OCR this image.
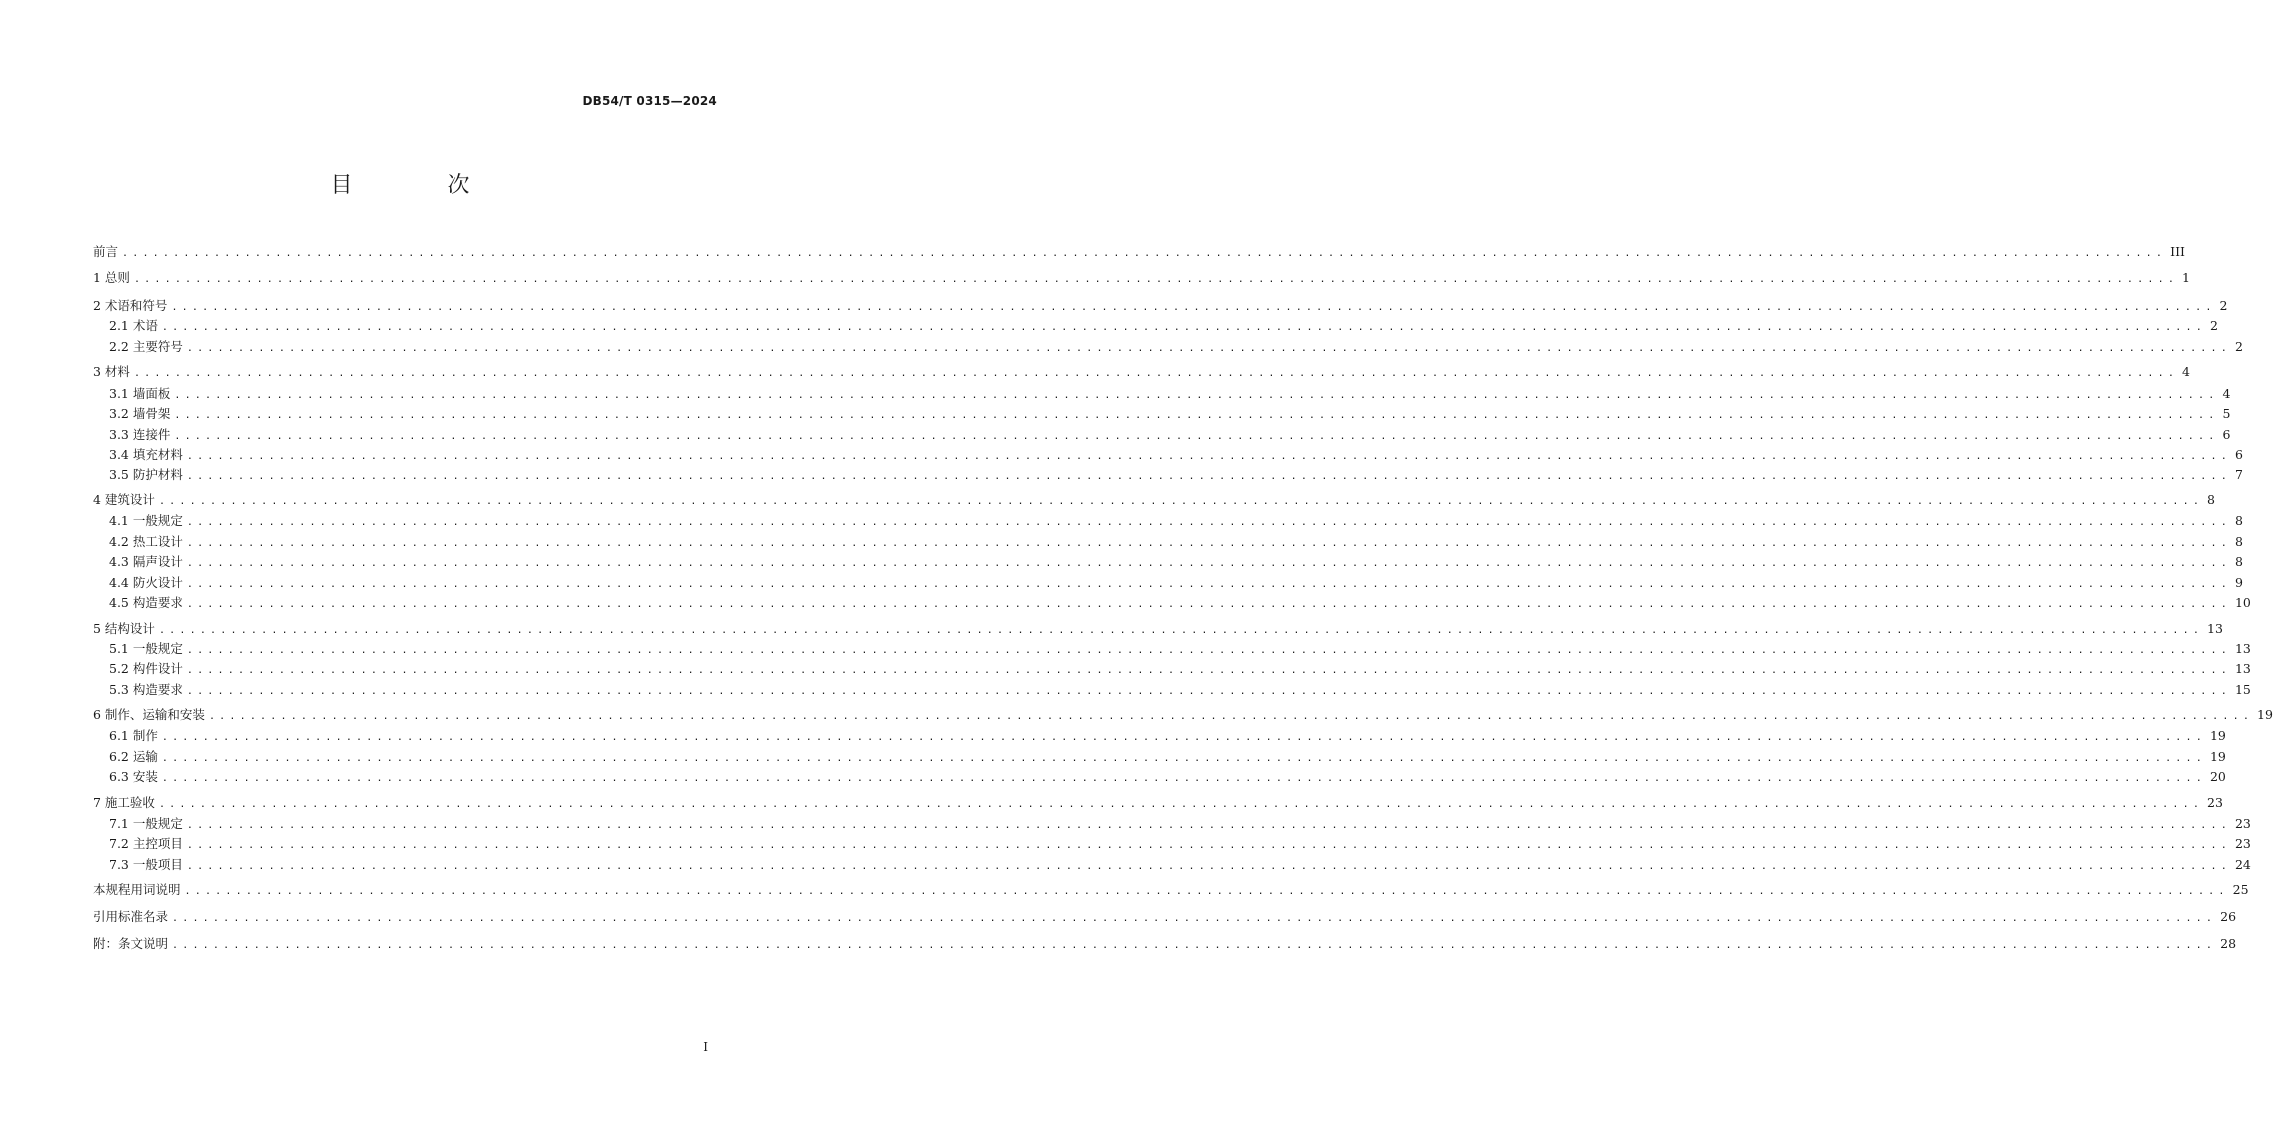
DB54/T 0315—2024
目 次
前言 ........................................................................................................................................................................................................ III
1 总则 ........................................................................................................................................................................................................ 1
2 术语和符号 ........................................................................................................................................................................................................ 2
2.1 术语 ........................................................................................................................................................................................................ 2
2.2 主要符号 ........................................................................................................................................................................................................ 2
3 材料 ........................................................................................................................................................................................................ 4
3.1 墙面板 ........................................................................................................................................................................................................ 4
3.2 墙骨架 ........................................................................................................................................................................................................ 5
3.3 连接件 ........................................................................................................................................................................................................ 6
3.4 填充材料 ........................................................................................................................................................................................................ 6
3.5 防护材料 ........................................................................................................................................................................................................ 7
4 建筑设计 ........................................................................................................................................................................................................ 8
4.1 一般规定 ........................................................................................................................................................................................................ 8
4.2 热工设计 ........................................................................................................................................................................................................ 8
4.3 隔声设计 ........................................................................................................................................................................................................ 8
4.4 防火设计 ........................................................................................................................................................................................................ 9
4.5 构造要求 ........................................................................................................................................................................................................ 10
5 结构设计 ........................................................................................................................................................................................................ 13
5.1 一般规定 ........................................................................................................................................................................................................ 13
5.2 构件设计 ........................................................................................................................................................................................................ 13
5.3 构造要求 ........................................................................................................................................................................................................ 15
6 制作、运输和安装 ........................................................................................................................................................................................................ 19
6.1 制作 ........................................................................................................................................................................................................ 19
6.2 运输 ........................................................................................................................................................................................................ 19
6.3 安装 ........................................................................................................................................................................................................ 20
7 施工验收 ........................................................................................................................................................................................................ 23
7.1 一般规定 ........................................................................................................................................................................................................ 23
7.2 主控项目 ........................................................................................................................................................................................................ 23
7.3 一般项目 ........................................................................................................................................................................................................ 24
本规程用词说明 ........................................................................................................................................................................................................ 25
引用标准名录 ........................................................................................................................................................................................................ 26
附：条文说明 ........................................................................................................................................................................................................ 28
I
